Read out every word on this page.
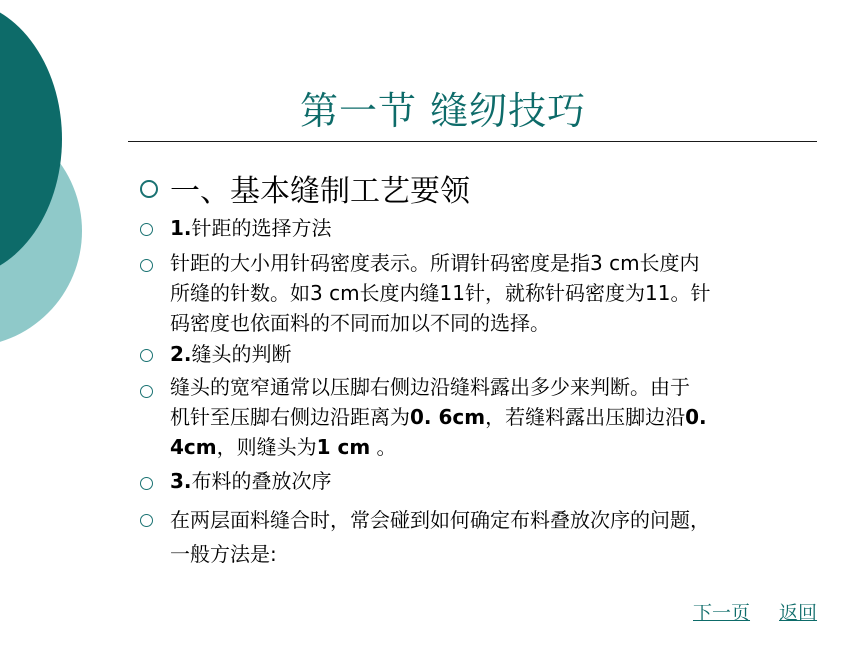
第一节 缝纫技巧
一、基本缝制工艺要领
1.针距的选择方法
针距的大小用针码密度表示。所谓针码密度是指3 cm长度内
所缝的针数。如3 cm长度内缝11针，就称针码密度为11。针
码密度也依面料的不同而加以不同的选择。
2.缝头的判断
缝头的宽窄通常以压脚右侧边沿缝料露出多少来判断。由于
机针至压脚右侧边沿距离为0. 6cm，若缝料露出压脚边沿0.
4cm，则缝头为1 cm 。
3.布料的叠放次序
在两层面料缝合时，常会碰到如何确定布料叠放次序的问题，
一般方法是:
下一页 返回
